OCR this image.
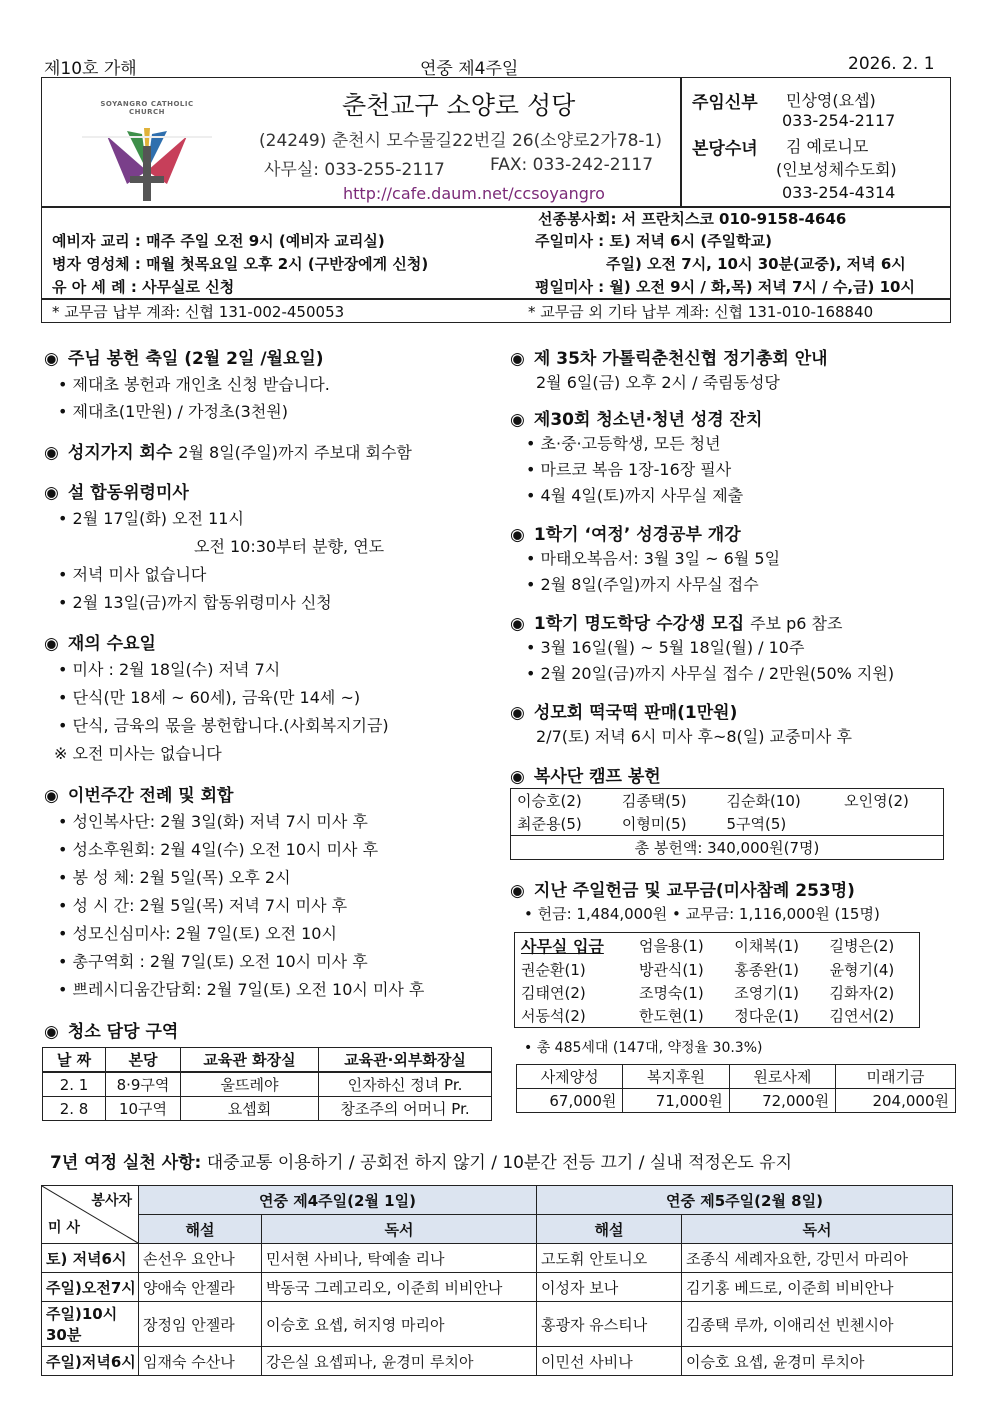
제10호 가해	연중 제4주일	2026. 2. 1
SOYANGRO CATHOLIC CHURCH	춘천교구 소양로 성당
(24249) 춘천시 모수물길22번길 26(소양로2가78-1)
사무실: 033-255-2117	FAX: 033-242-2117
http://cafe.daum.net/ccsoyangro
주임신부 민상영(요셉)
033-254-2117
본당수녀 김 예로니모
(인보성체수도회)
033-254-4314
선종봉사회: 서 프란치스코 010-9158-4646
예비자 교리 : 매주 주일 오전 9시 (예비자 교리실)	주일미사 : 토) 저녁 6시 (주일학교)
병자 영성체 : 매월 첫목요일 오후 2시 (구반장에게 신청)	주일) 오전 7시, 10시 30분(교중), 저녁 6시
유 아 세 례 : 사무실로 신청	평일미사 : 월) 오전 9시 / 화,목) 저녁 7시 / 수,금) 10시
* 교무금 납부 계좌: 신협 131-002-450053	* 교무금 외 기타 납부 계좌: 신협 131-010-168840
◉ 주님 봉헌 축일 (2월 2일 /월요일)
• 제대초 봉헌과 개인초 신청 받습니다.
• 제대초(1만원) / 가정초(3천원)
◉ 성지가지 회수 2월 8일(주일)까지 주보대 회수함
◉ 설 합동위령미사
• 2월 17일(화) 오전 11시
오전 10:30부터 분향, 연도
• 저녁 미사 없습니다
• 2월 13일(금)까지 합동위령미사 신청
◉ 재의 수요일
• 미사 : 2월 18일(수) 저녁 7시
• 단식(만 18세 ~ 60세), 금육(만 14세 ~)
• 단식, 금육의 몫을 봉헌합니다.(사회복지기금)
※ 오전 미사는 없습니다
◉ 이번주간 전례 및 회합
• 성인복사단: 2월 3일(화) 저녁 7시 미사 후
• 성소후원회: 2월 4일(수) 오전 10시 미사 후
• 봉 성 체: 2월 5일(목) 오후 2시
• 성 시 간: 2월 5일(목) 저녁 7시 미사 후
• 성모신심미사: 2월 7일(토) 오전 10시
• 총구역회 : 2월 7일(토) 오전 10시 미사 후
• 쁘레시디움간담회: 2월 7일(토) 오전 10시 미사 후
◉ 청소 담당 구역
날 짜	본당	교육관 화장실	교육관·외부화장실
2. 1	8·9구역	울뜨레야	인자하신 정녀 Pr.
2. 8	10구역	요셉회	창조주의 어머니 Pr.
◉ 제 35차 가톨릭춘천신협 정기총회 안내
2월 6일(금) 오후 2시 / 죽림동성당
◉ 제30회 청소년·청년 성경 잔치
• 초·중·고등학생, 모든 청년
• 마르코 복음 1장-16장 필사
• 4월 4일(토)까지 사무실 제출
◉ 1학기 ‘여정’ 성경공부 개강
• 마태오복음서: 3월 3일 ~ 6월 5일
• 2월 8일(주일)까지 사무실 접수
◉ 1학기 명도학당 수강생 모집 주보 p6 참조
• 3월 16일(월) ~ 5월 18일(월) / 10주
• 2월 20일(금)까지 사무실 접수 / 2만원(50% 지원)
◉ 성모회 떡국떡 판매(1만원)
2/7(토) 저녁 6시 미사 후~8(일) 교중미사 후
◉ 복사단 캠프 봉헌
이승호(2)	김종택(5)	김순화(10)	오인영(2)
최준용(5)	이형미(5)	5구역(5)	
총 봉헌액: 340,000원(7명)			
◉ 지난 주일헌금 및 교무금(미사참례 253명)
• 헌금: 1,484,000원 • 교무금: 1,116,000원 (15명)
사무실 입금	엄을용(1)	이채복(1)	길병은(2)
권순환(1)	방관식(1)	홍종완(1)	윤형기(4)
김태연(2)	조명숙(1)	조영기(1)	김화자(2)
서동석(2)	한도현(1)	정다운(1)	김연서(2)
• 총 485세대 (147대, 약정율 30.3%)
사제양성	복지후원	원로사제	미래기금
67,000원	71,000원	72,000원	204,000원
7년 여정 실천 사항: 대중교통 이용하기 / 공회전 하지 않기 / 10분간 전등 끄기 / 실내 적정온도 유지
봉사자
미 사	연중 제4주일(2월 1일)		연중 제5주일(2월 8일)	
	해설	독서	해설	독서
토) 저녁6시	손선우 요안나	민서현 사비나, 탁예솔 리나	고도휘 안토니오	조종식 세례자요한, 강민서 마리아
주일)오전7시	양애숙 안젤라	박동국 그레고리오, 이준희 비비안나	이성자 보나	김기홍 베드로, 이준희 비비안나
주일)10시30분	장정임 안젤라	이승호 요셉, 허지영 마리아	홍광자 유스티나	김종택 루까, 이애리선 빈첸시아
주일)저녁6시	임재숙 수산나	강은실 요셉피나, 윤경미 루치아	이민선 사비나	이승호 요셉, 윤경미 루치아
